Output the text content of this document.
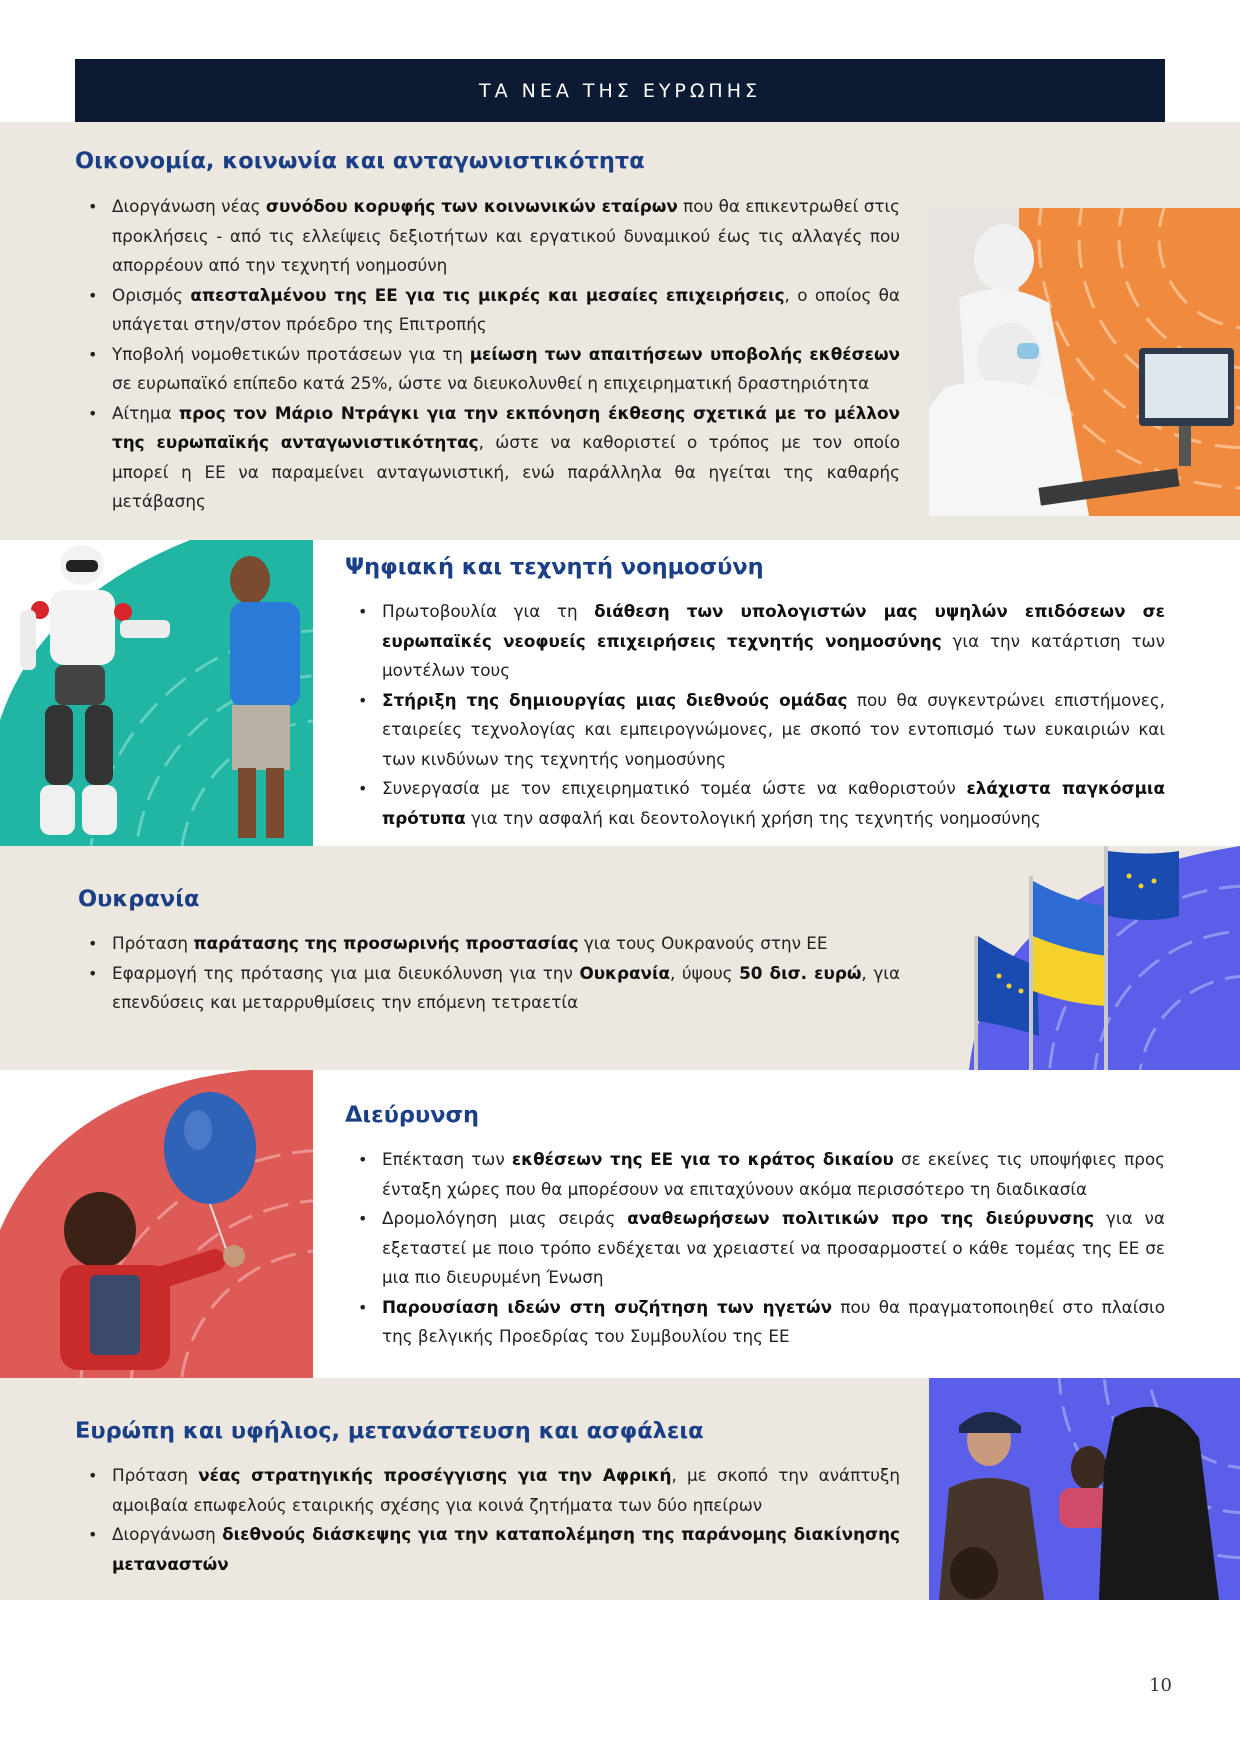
ΤΑ ΝΕΑ ΤΗΣ ΕΥΡΩΠΗΣ
Οικονομία, κοινωνία και ανταγωνιστικότητα
• Διοργάνωση νέας συνόδου κορυφής των κοινωνικών εταίρων που θα επικεντρωθεί στις προκλήσεις - από τις ελλείψεις δεξιοτήτων και εργατικού δυναμικού έως τις αλλαγές που απορρέουν από την τεχνητή νοημοσύνη
• Ορισμός απεσταλμένου της ΕΕ για τις μικρές και μεσαίες επιχειρήσεις, ο οποίος θα υπάγεται στην/στον πρόεδρο της Επιτροπής
• Υποβολή νομοθετικών προτάσεων για τη μείωση των απαιτήσεων υποβολής εκθέσεων σε ευρωπαϊκό επίπεδο κατά 25%, ώστε να διευκολυνθεί η επιχειρηματική δραστηριότητα
• Αίτημα προς τον Μάριο Ντράγκι για την εκπόνηση έκθεσης σχετικά με το μέλλον της ευρωπαϊκής ανταγωνιστικότητας, ώστε να καθοριστεί ο τρόπος με τον οποίο μπορεί η ΕΕ να παραμείνει ανταγωνιστική, ενώ παράλληλα θα ηγείται της καθαρής μετάβασης
Ψηφιακή και τεχνητή νοημοσύνη
• Πρωτοβουλία για τη διάθεση των υπολογιστών μας υψηλών επιδόσεων σε ευρωπαϊκές νεοφυείς επιχειρήσεις τεχνητής νοημοσύνης για την κατάρτιση των μοντέλων τους
• Στήριξη της δημιουργίας μιας διεθνούς ομάδας που θα συγκεντρώνει επιστήμονες, εταιρείες τεχνολογίας και εμπειρογνώμονες, με σκοπό τον εντοπισμό των ευκαιριών και των κινδύνων της τεχνητής νοημοσύνης
• Συνεργασία με τον επιχειρηματικό τομέα ώστε να καθοριστούν ελάχιστα παγκόσμια πρότυπα για την ασφαλή και δεοντολογική χρήση της τεχνητής νοημοσύνης
Ουκρανία
• Πρόταση παράτασης της προσωρινής προστασίας για τους Ουκρανούς στην ΕΕ
• Εφαρμογή της πρότασης για μια διευκόλυνση για την Ουκρανία, ύψους 50 δισ. ευρώ, για επενδύσεις και μεταρρυθμίσεις την επόμενη τετραετία
Διεύρυνση
• Επέκταση των εκθέσεων της ΕΕ για το κράτος δικαίου σε εκείνες τις υποψήφιες προς ένταξη χώρες που θα μπορέσουν να επιταχύνουν ακόμα περισσότερο τη διαδικασία
• Δρομολόγηση μιας σειράς αναθεωρήσεων πολιτικών προ της διεύρυνσης για να εξεταστεί με ποιο τρόπο ενδέχεται να χρειαστεί να προσαρμοστεί ο κάθε τομέας της ΕΕ σε μια πιο διευρυμένη Ένωση
• Παρουσίαση ιδεών στη συζήτηση των ηγετών που θα πραγματοποιηθεί στο πλαίσιο της βελγικής Προεδρίας του Συμβουλίου της ΕΕ
Ευρώπη και υφήλιος, μετανάστευση και ασφάλεια
• Πρόταση νέας στρατηγικής προσέγγισης για την Αφρική, με σκοπό την ανάπτυξη αμοιβαία επωφελούς εταιρικής σχέσης για κοινά ζητήματα των δύο ηπείρων
• Διοργάνωση διεθνούς διάσκεψης για την καταπολέμηση της παράνομης διακίνησης μεταναστών
10
